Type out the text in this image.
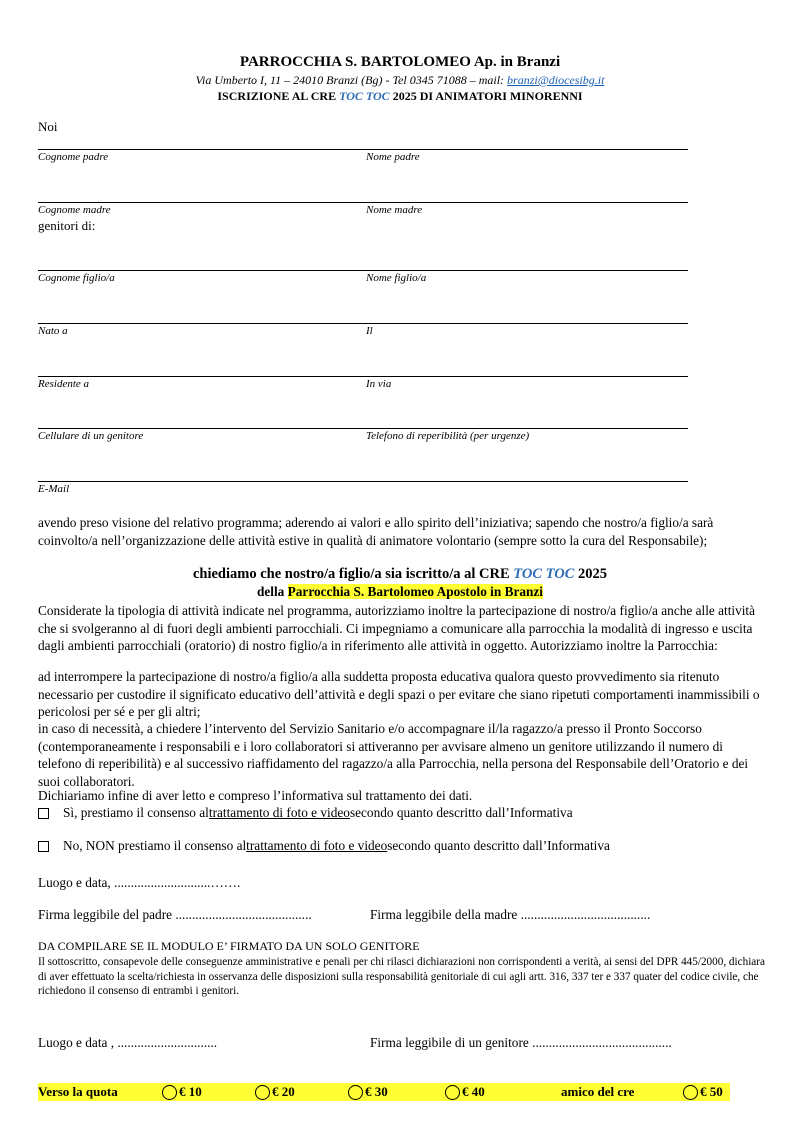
PARROCCHIA S. BARTOLOMEO Ap. in Branzi
Via Umberto I, 11 – 24010 Branzi (Bg) - Tel 0345 71088 – mail: branzi@diocesibg.it
ISCRIZIONE AL CRE TOC TOC 2025 DI ANIMATORI MINORENNI
Noi
Cognome padre	Nome padre
Cognome madre	Nome madre
genitori di:
Cognome figlio/a	Nome figlio/a
Nato a	Il
Residente a	In via
Cellulare di un genitore	Telefono di reperibilità (per urgenze)
E-Mail
avendo preso visione del relativo programma; aderendo ai valori e allo spirito dell’iniziativa; sapendo che nostro/a figlio/a sarà coinvolto/a nell’organizzazione delle attività estive in qualità di animatore volontario (sempre sotto la cura del Responsabile);
chiediamo che nostro/a figlio/a sia iscritto/a al CRE TOC TOC 2025
della Parrocchia S. Bartolomeo Apostolo in Branzi
Considerate la tipologia di attività indicate nel programma, autorizziamo inoltre la partecipazione di nostro/a figlio/a anche alle attività che si svolgeranno al di fuori degli ambienti parrocchiali. Ci impegniamo a comunicare alla parrocchia la modalità di ingresso e uscita dagli ambienti parrocchiali (oratorio) di nostro figlio/a in riferimento alle attività in oggetto. Autorizziamo inoltre la Parrocchia:
ad interrompere la partecipazione di nostro/a figlio/a alla suddetta proposta educativa qualora questo provvedimento sia ritenuto necessario per custodire il significato educativo dell’attività e degli spazi o per evitare che siano ripetuti comportamenti inammissibili o pericolosi per sé e per gli altri;
in caso di necessità, a chiedere l’intervento del Servizio Sanitario e/o accompagnare il/la ragazzo/a presso il Pronto Soccorso (contemporaneamente i responsabili e i loro collaboratori si attiveranno per avvisare almeno un genitore utilizzando il numero di telefono di reperibilità) e al successivo riaffidamento del ragazzo/a alla Parrocchia, nella persona del Responsabile dell’Oratorio e dei suoi collaboratori.
Dichiariamo infine di aver letto e compreso l’informativa sul trattamento dei dati.
Sì, prestiamo il consenso al trattamento di foto e video secondo quanto descritto dall’Informativa
No, NON prestiamo il consenso al trattamento di foto e video secondo quanto descritto dall’Informativa
Luogo e data, .............................…….
Firma leggibile del padre .........................................	Firma leggibile della madre .......................................
DA COMPILARE SE IL MODULO E’ FIRMATO DA UN SOLO GENITORE
Il sottoscritto, consapevole delle conseguenze amministrative e penali per chi rilasci dichiarazioni non corrispondenti a verità, ai sensi del DPR 445/2000, dichiara di aver effettuato la scelta/richiesta in osservanza delle disposizioni sulla responsabilità genitoriale di cui agli artt. 316, 337 ter e 337 quater del codice civile, che richiedono il consenso di entrambi i genitori.
Luogo e data , ..............................	Firma leggibile di un genitore ..........................................
Verso la quota	€ 10	€ 20	€ 30	€ 40	amico del cre	€ 50
